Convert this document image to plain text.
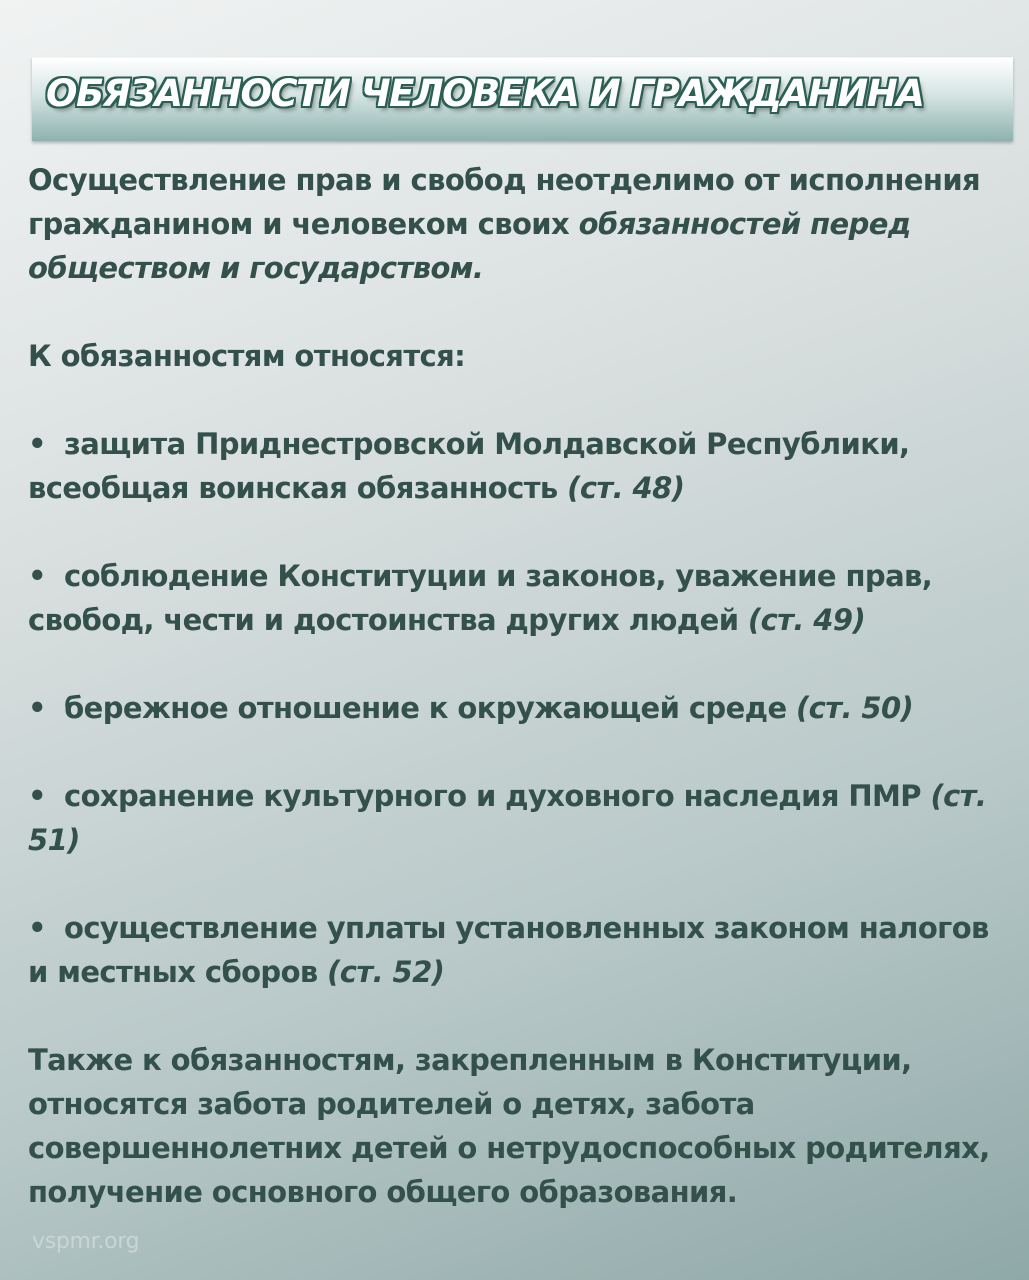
ОБЯЗАННОСТИ ЧЕЛОВЕКА И ГРАЖДАНИНА

Осуществление прав и свобод неотделимо от исполнения гражданином и человеком своих обязанностей перед обществом и государством.

К обязанностям относятся:

• защита Приднестровской Молдавской Республики, всеобщая воинская обязанность (ст. 48)

• соблюдение Конституции и законов, уважение прав, свобод, чести и достоинства других людей (ст. 49)

• бережное отношение к окружающей среде (ст. 50)

• сохранение культурного и духовного наследия ПМР (ст. 51)

• осуществление уплаты установленных законом налогов и местных сборов (ст. 52)

Также к обязанностям, закрепленным в Конституции, относятся забота родителей о детях, забота совершеннолетних детей о нетрудоспособных родителях, получение основного общего образования.

vspmr.org
